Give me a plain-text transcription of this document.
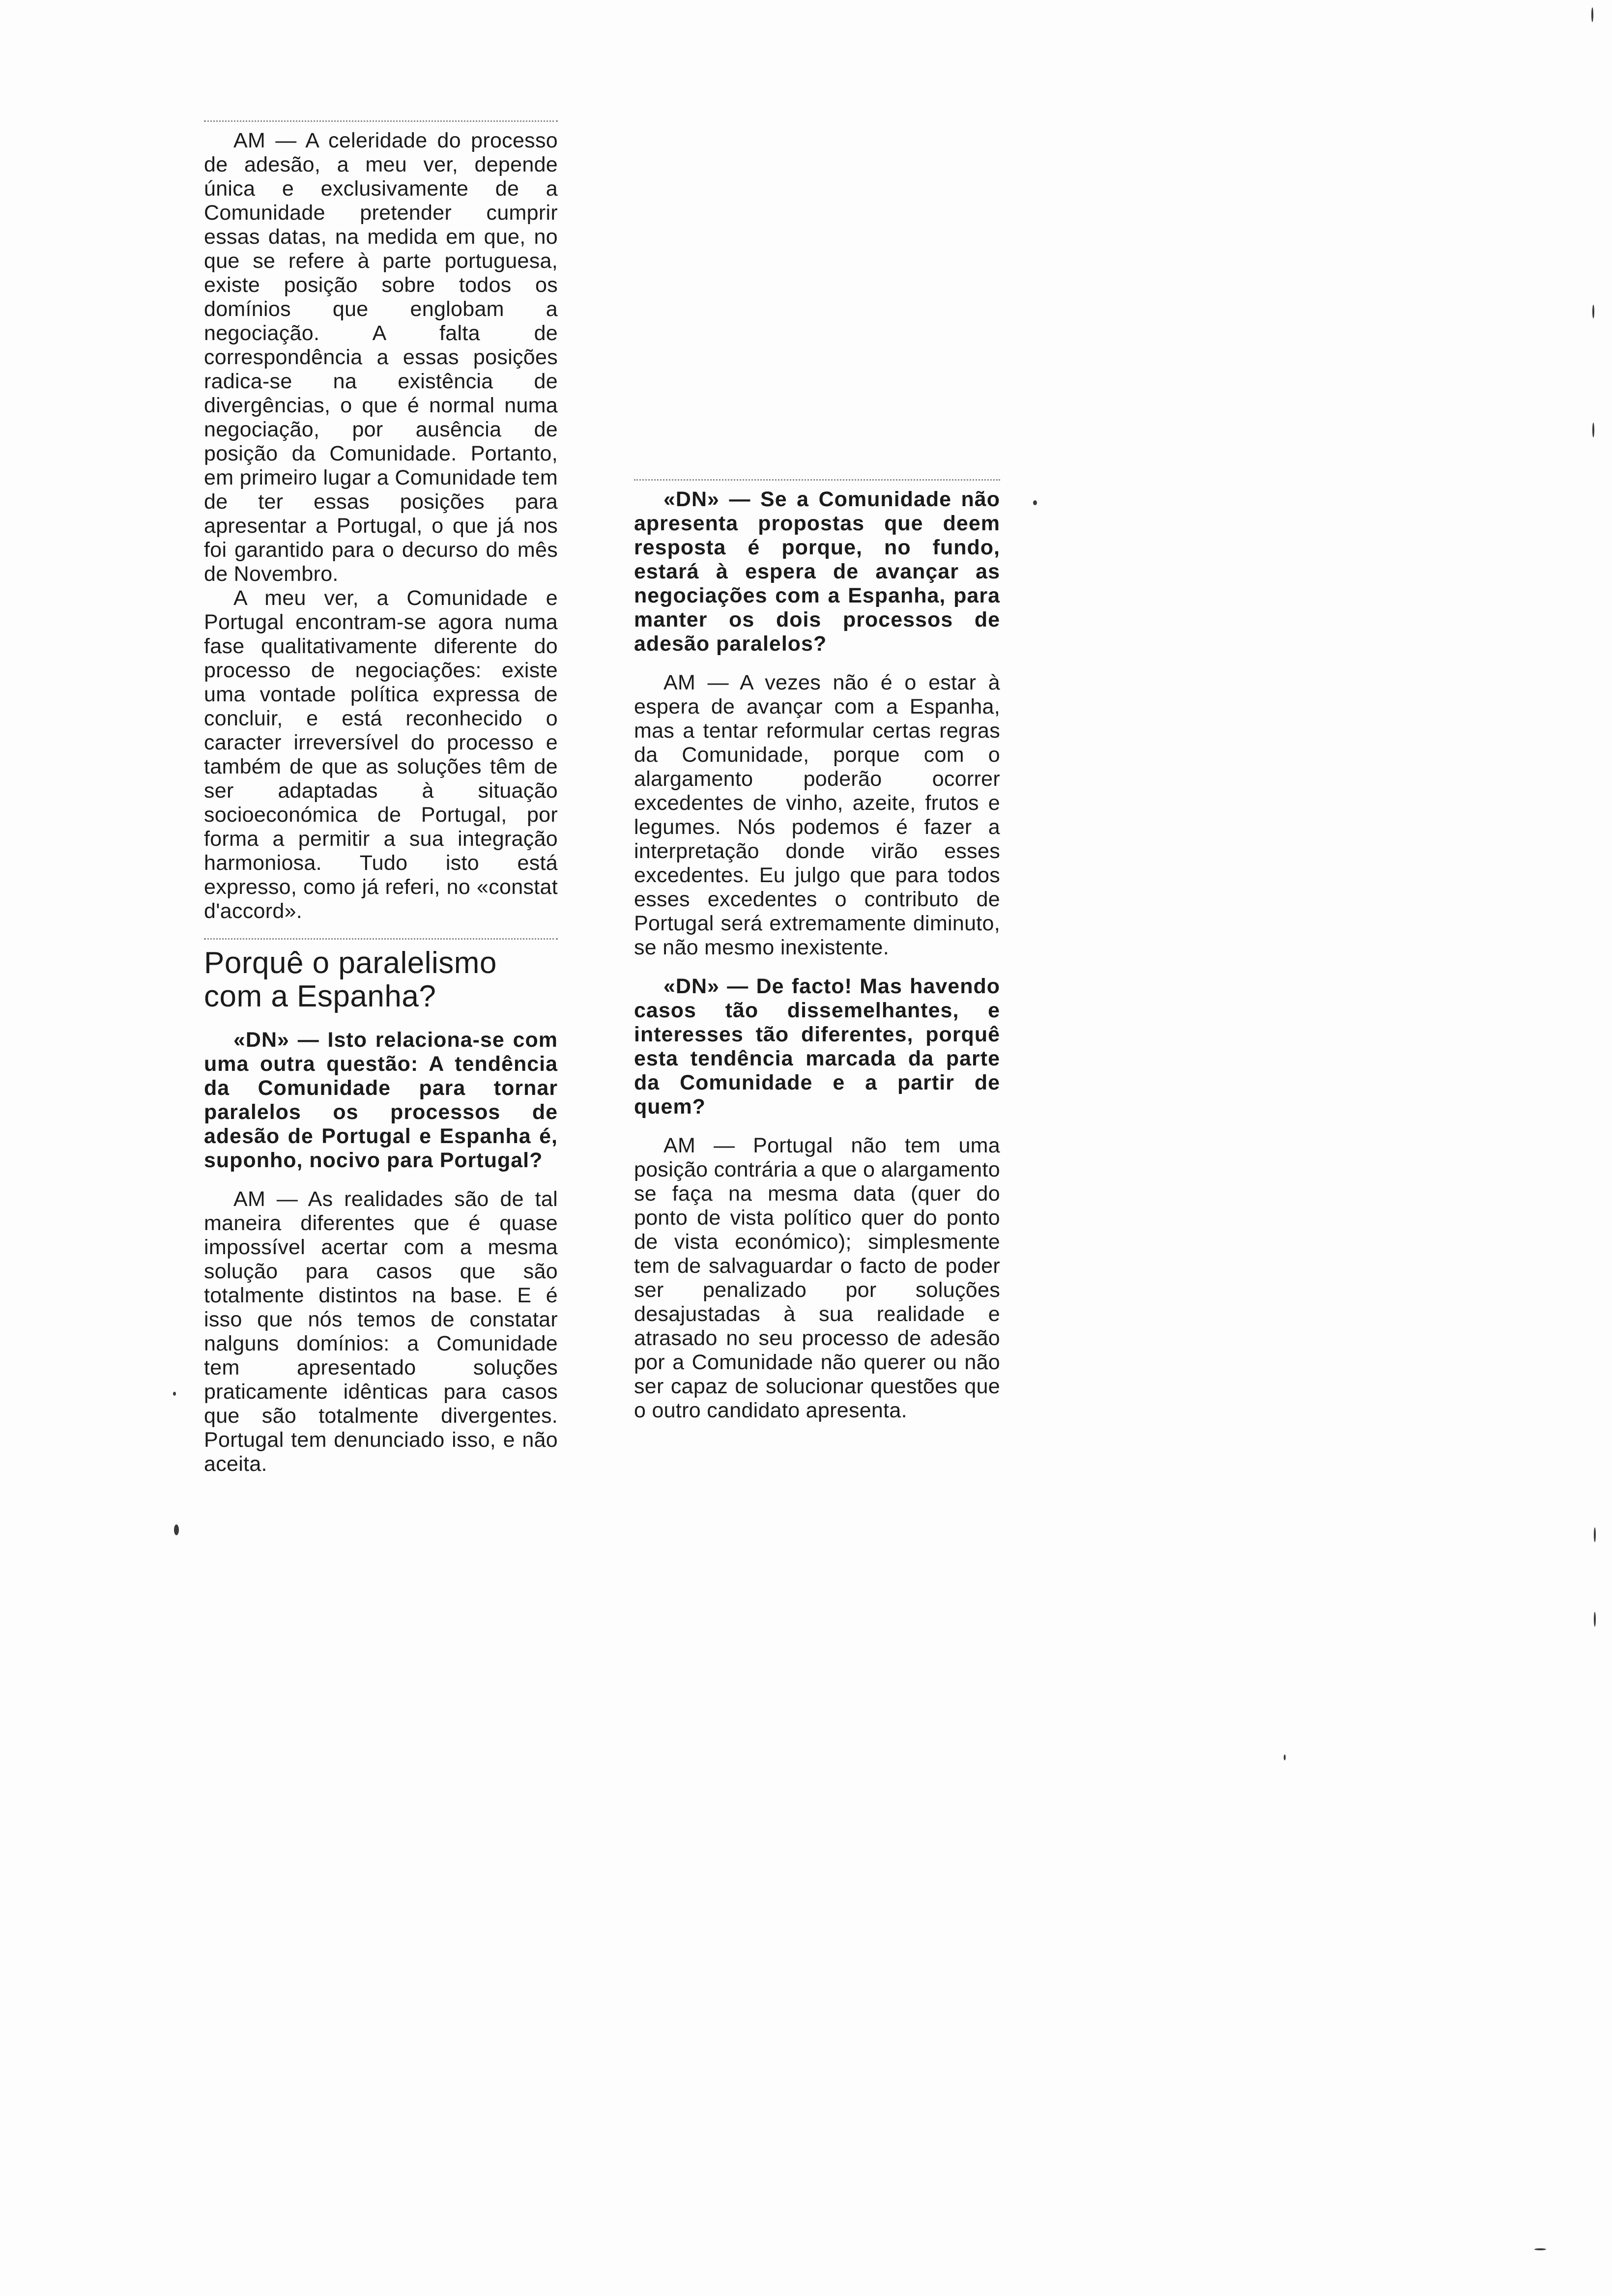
AM — A celeridade do processo de adesão, a meu ver, depende única e exclusivamente de a Comunidade pretender cumprir essas datas, na medida em que, no que se refere à parte portuguesa, existe posição sobre todos os domínios que englobam a negociação. A falta de correspondência a essas posições radica-se na existência de divergências, o que é normal numa negociação, por ausência de posição da Comunidade. Portanto, em primeiro lugar a Comunidade tem de ter essas posições para apresentar a Portugal, o que já nos foi garantido para o decurso do mês de Novembro.

A meu ver, a Comunidade e Portugal encontram-se agora numa fase qualitativamente diferente do processo de negociações: existe uma vontade política expressa de concluir, e está reconhecido o caracter irreversível do processo e também de que as soluções têm de ser adaptadas à situação socioeconómica de Portugal, por forma a permitir a sua integração harmoniosa. Tudo isto está expresso, como já referi, no «constat d'accord».

Porquê o paralelismo com a Espanha?

«DN» — Isto relaciona-se com uma outra questão: A tendência da Comunidade para tornar paralelos os processos de adesão de Portugal e Espanha é, suponho, nocivo para Portugal?

AM — As realidades são de tal maneira diferentes que é quase impossível acertar com a mesma solução para casos que são totalmente distintos na base. E é isso que nós temos de constatar nalguns domínios: a Comunidade tem apresentado soluções praticamente idênticas para casos que são totalmente divergentes. Portugal tem denunciado isso, e não aceita.

«DN» — Se a Comunidade não apresenta propostas que deem resposta é porque, no fundo, estará à espera de avançar as negociações com a Espanha, para manter os dois processos de adesão paralelos?

AM — A vezes não é o estar à espera de avançar com a Espanha, mas a tentar reformular certas regras da Comunidade, porque com o alargamento poderão ocorrer excedentes de vinho, azeite, frutos e legumes. Nós podemos é fazer a interpretação donde virão esses excedentes. Eu julgo que para todos esses excedentes o contributo de Portugal será extremamente diminuto, se não mesmo inexistente.

«DN» — De facto! Mas havendo casos tão dissemelhantes, e interesses tão diferentes, porquê esta tendência marcada da parte da Comunidade e a partir de quem?

AM — Portugal não tem uma posição contrária a que o alargamento se faça na mesma data (quer do ponto de vista político quer do ponto de vista económico); simplesmente tem de salvaguardar o facto de poder ser penalizado por soluções desajustadas à sua realidade e atrasado no seu processo de adesão por a Comunidade não querer ou não ser capaz de solucionar questões que o outro candidato apresenta.
